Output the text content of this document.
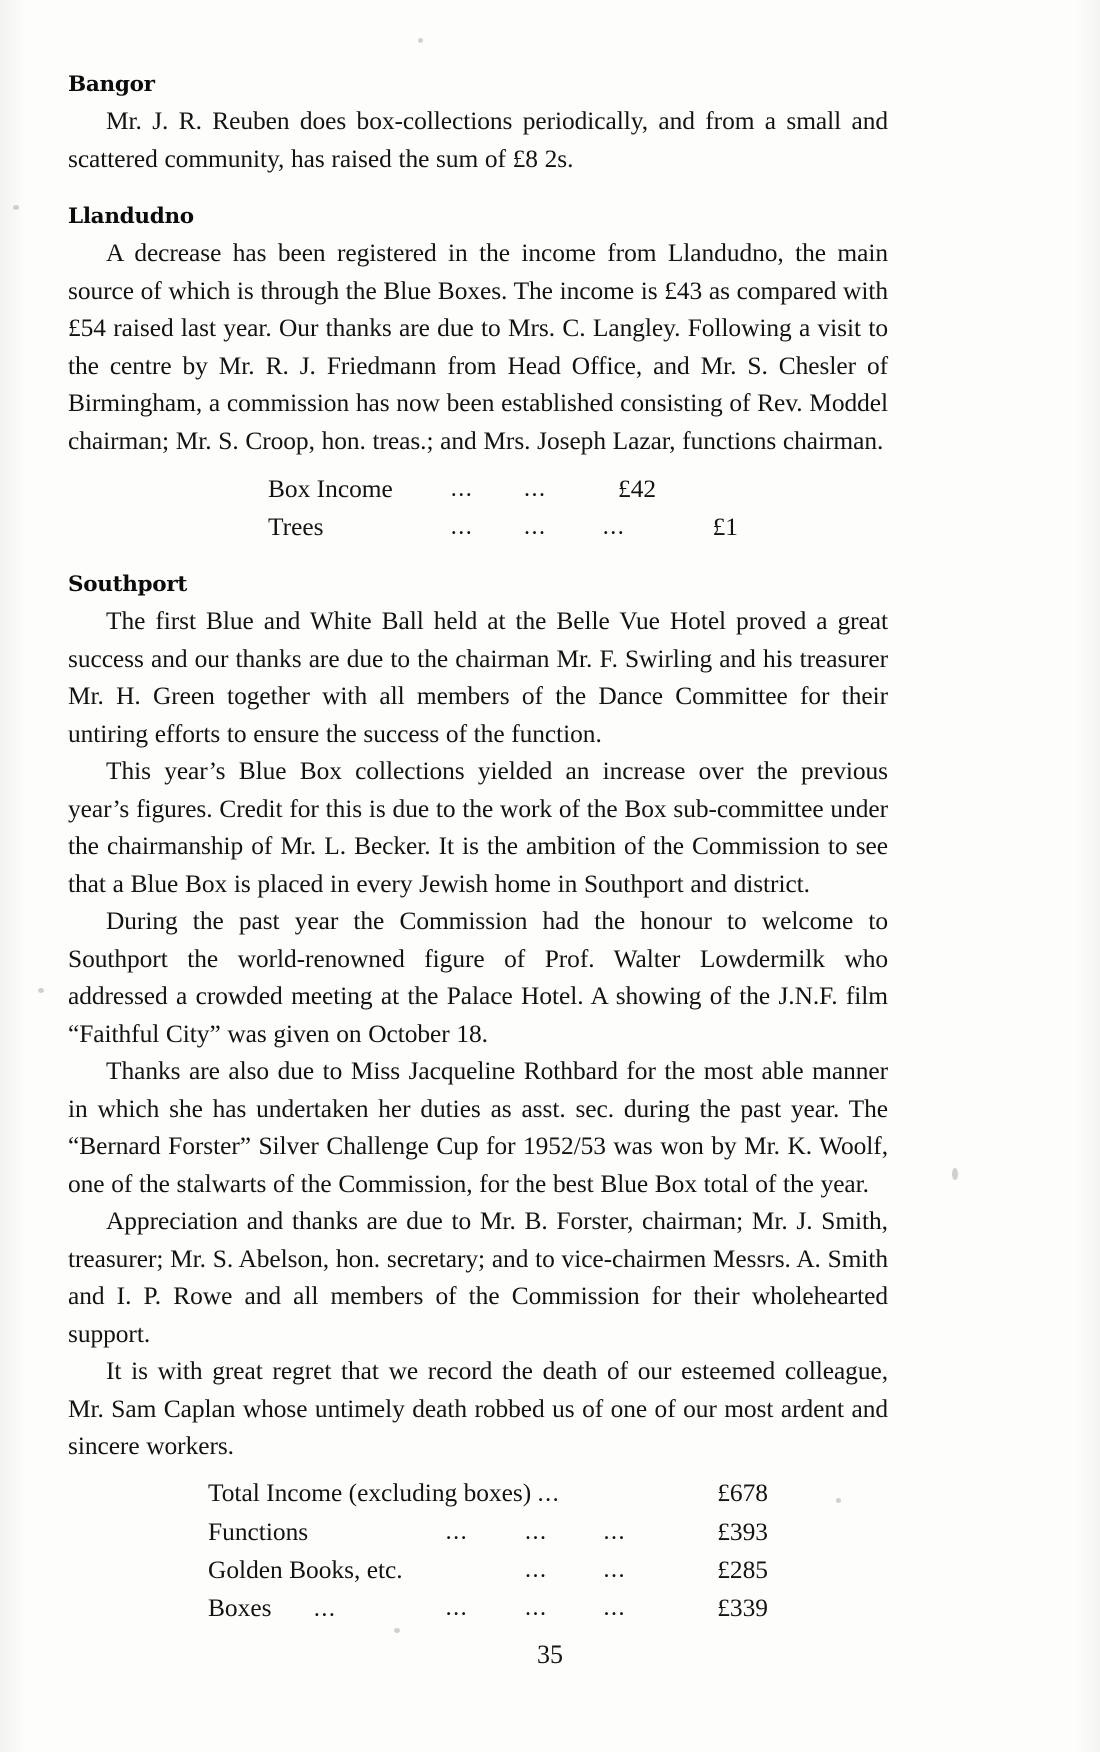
Bangor

Mr. J. R. Reuben does box-collections periodically, and from a small and scattered community, has raised the sum of £8 2s.

Llandudno

A decrease has been registered in the income from Llandudno, the main source of which is through the Blue Boxes. The income is £43 as compared with £54 raised last year. Our thanks are due to Mrs. C. Langley. Following a visit to the centre by Mr. R. J. Friedmann from Head Office, and Mr. S. Chesler of Birmingham, a commission has now been established consisting of Rev. Moddel chairman; Mr. S. Croop, hon. treas.; and Mrs. Joseph Lazar, functions chairman.

Box Income	...	...	£42	
Trees	...	...	...	£1
Southport

The first Blue and White Ball held at the Belle Vue Hotel proved a great success and our thanks are due to the chairman Mr. F. Swirling and his treasurer Mr. H. Green together with all members of the Dance Committee for their untiring efforts to ensure the success of the function.

This year’s Blue Box collections yielded an increase over the previous year’s figures. Credit for this is due to the work of the Box sub-committee under the chairmanship of Mr. L. Becker. It is the ambition of the Commission to see that a Blue Box is placed in every Jewish home in Southport and district.

During the past year the Commission had the honour to welcome to Southport the world-renowned figure of Prof. Walter Lowdermilk who addressed a crowded meeting at the Palace Hotel. A showing of the J.N.F. film “Faithful City” was given on October 18.

Thanks are also due to Miss Jacqueline Rothbard for the most able manner in which she has undertaken her duties as asst. sec. during the past year. The “Bernard Forster” Silver Challenge Cup for 1952/53 was won by Mr. K. Woolf, one of the stalwarts of the Commission, for the best Blue Box total of the year.

Appreciation and thanks are due to Mr. B. Forster, chairman; Mr. J. Smith, treasurer; Mr. S. Abelson, hon. secretary; and to vice-chairmen Messrs. A. Smith and I. P. Rowe and all members of the Commission for their wholehearted support.

It is with great regret that we record the death of our esteemed colleague, Mr. Sam Caplan whose untimely death robbed us of one of our most ardent and sincere workers.

Total Income (excluding boxes) ...				£678
Functions	...	...	...	£393
Golden Books, etc.		...	...	£285
Boxes ...	...	...	...	£339
35
